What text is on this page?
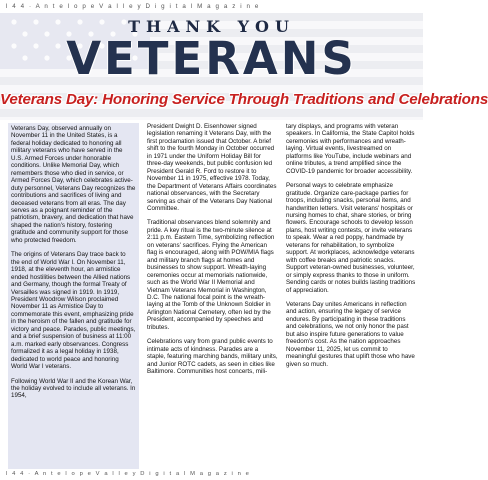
l 4 4 · A n t e l o p e V a l l e y D i g i t a l M a g a z i n e
THANK YOU
VETERANS
Veterans Day: Honoring Service Through Traditions and Celebrations

Veterans Day, observed annually on November 11 in the United States, is a federal holiday dedicated to honoring all military veterans who have served in the U.S. Armed Forces under honorable conditions. Unlike Memorial Day, which remembers those who died in service, or Armed Forces Day, which celebrates active-duty personnel, Veterans Day recognizes the contributions and sacrifices of living and deceased veterans from all eras. The day serves as a poignant reminder of the patriotism, bravery, and dedication that have shaped the nation's history, fostering gratitude and community support for those who protected freedom.

The origins of Veterans Day trace back to the end of World War I. On November 11, 1918, at the eleventh hour, an armistice ended hostilities between the Allied nations and Germany, though the formal Treaty of Versailles was signed in 1919. In 1919, President Woodrow Wilson proclaimed November 11 as Armistice Day to commemorate this event, emphasizing pride in the heroism of the fallen and gratitude for victory and peace. Parades, public meetings, and a brief suspension of business at 11:00 a.m. marked early observances. Congress formalized it as a legal holiday in 1938, dedicated to world peace and honoring World War I veterans.

Following World War II and the Korean War, the holiday evolved to include all veterans. In 1954,

President Dwight D. Eisenhower signed legislation renaming it Veterans Day, with the first proclamation issued that October. A brief shift to the fourth Monday in October occurred in 1971 under the Uniform Holiday Bill for three-day weekends, but public confusion led President Gerald R. Ford to restore it to November 11 in 1975, effective 1978. Today, the Department of Veterans Affairs coordinates national observances, with the Secretary serving as chair of the Veterans Day National Committee.

Traditional observances blend solemnity and pride. A key ritual is the two-minute silence at 2:11 p.m. Eastern Time, symbolizing reflection on veterans' sacrifices. Flying the American flag is encouraged, along with POW/MIA flags and military branch flags at homes and businesses to show support. Wreath-laying ceremonies occur at memorials nationwide, such as the World War II Memorial and Vietnam Veterans Memorial in Washington, D.C. The national focal point is the wreath-laying at the Tomb of the Unknown Soldier in Arlington National Cemetery, often led by the President, accompanied by speeches and tributes.

Celebrations vary from grand public events to intimate acts of kindness. Parades are a staple, featuring marching bands, military units, and Junior ROTC cadets, as seen in cities like Baltimore. Communities host concerts, mili-

tary displays, and programs with veteran speakers. In California, the State Capitol holds ceremonies with performances and wreath-laying. Virtual events, livestreamed on platforms like YouTube, include webinars and online tributes, a trend amplified since the COVID-19 pandemic for broader accessibility.

Personal ways to celebrate emphasize gratitude. Organize care-package parties for troops, including snacks, personal items, and handwritten letters. Visit veterans' hospitals or nursing homes to chat, share stories, or bring flowers. Encourage schools to develop lesson plans, host writing contests, or invite veterans to speak. Wear a red poppy, handmade by veterans for rehabilitation, to symbolize support. At workplaces, acknowledge veterans with coffee breaks and patriotic snacks. Support veteran-owned businesses, volunteer, or simply express thanks to those in uniform. Sending cards or notes builds lasting traditions of appreciation.

Veterans Day unites Americans in reflection and action, ensuring the legacy of service endures. By participating in these traditions and celebrations, we not only honor the past but also inspire future generations to value freedom's cost. As the nation approaches November 11, 2025, let us commit to meaningful gestures that uplift those who have given so much.

l 4 4 · A n t e l o p e V a l l e y D i g i t a l M a g a z i n e
